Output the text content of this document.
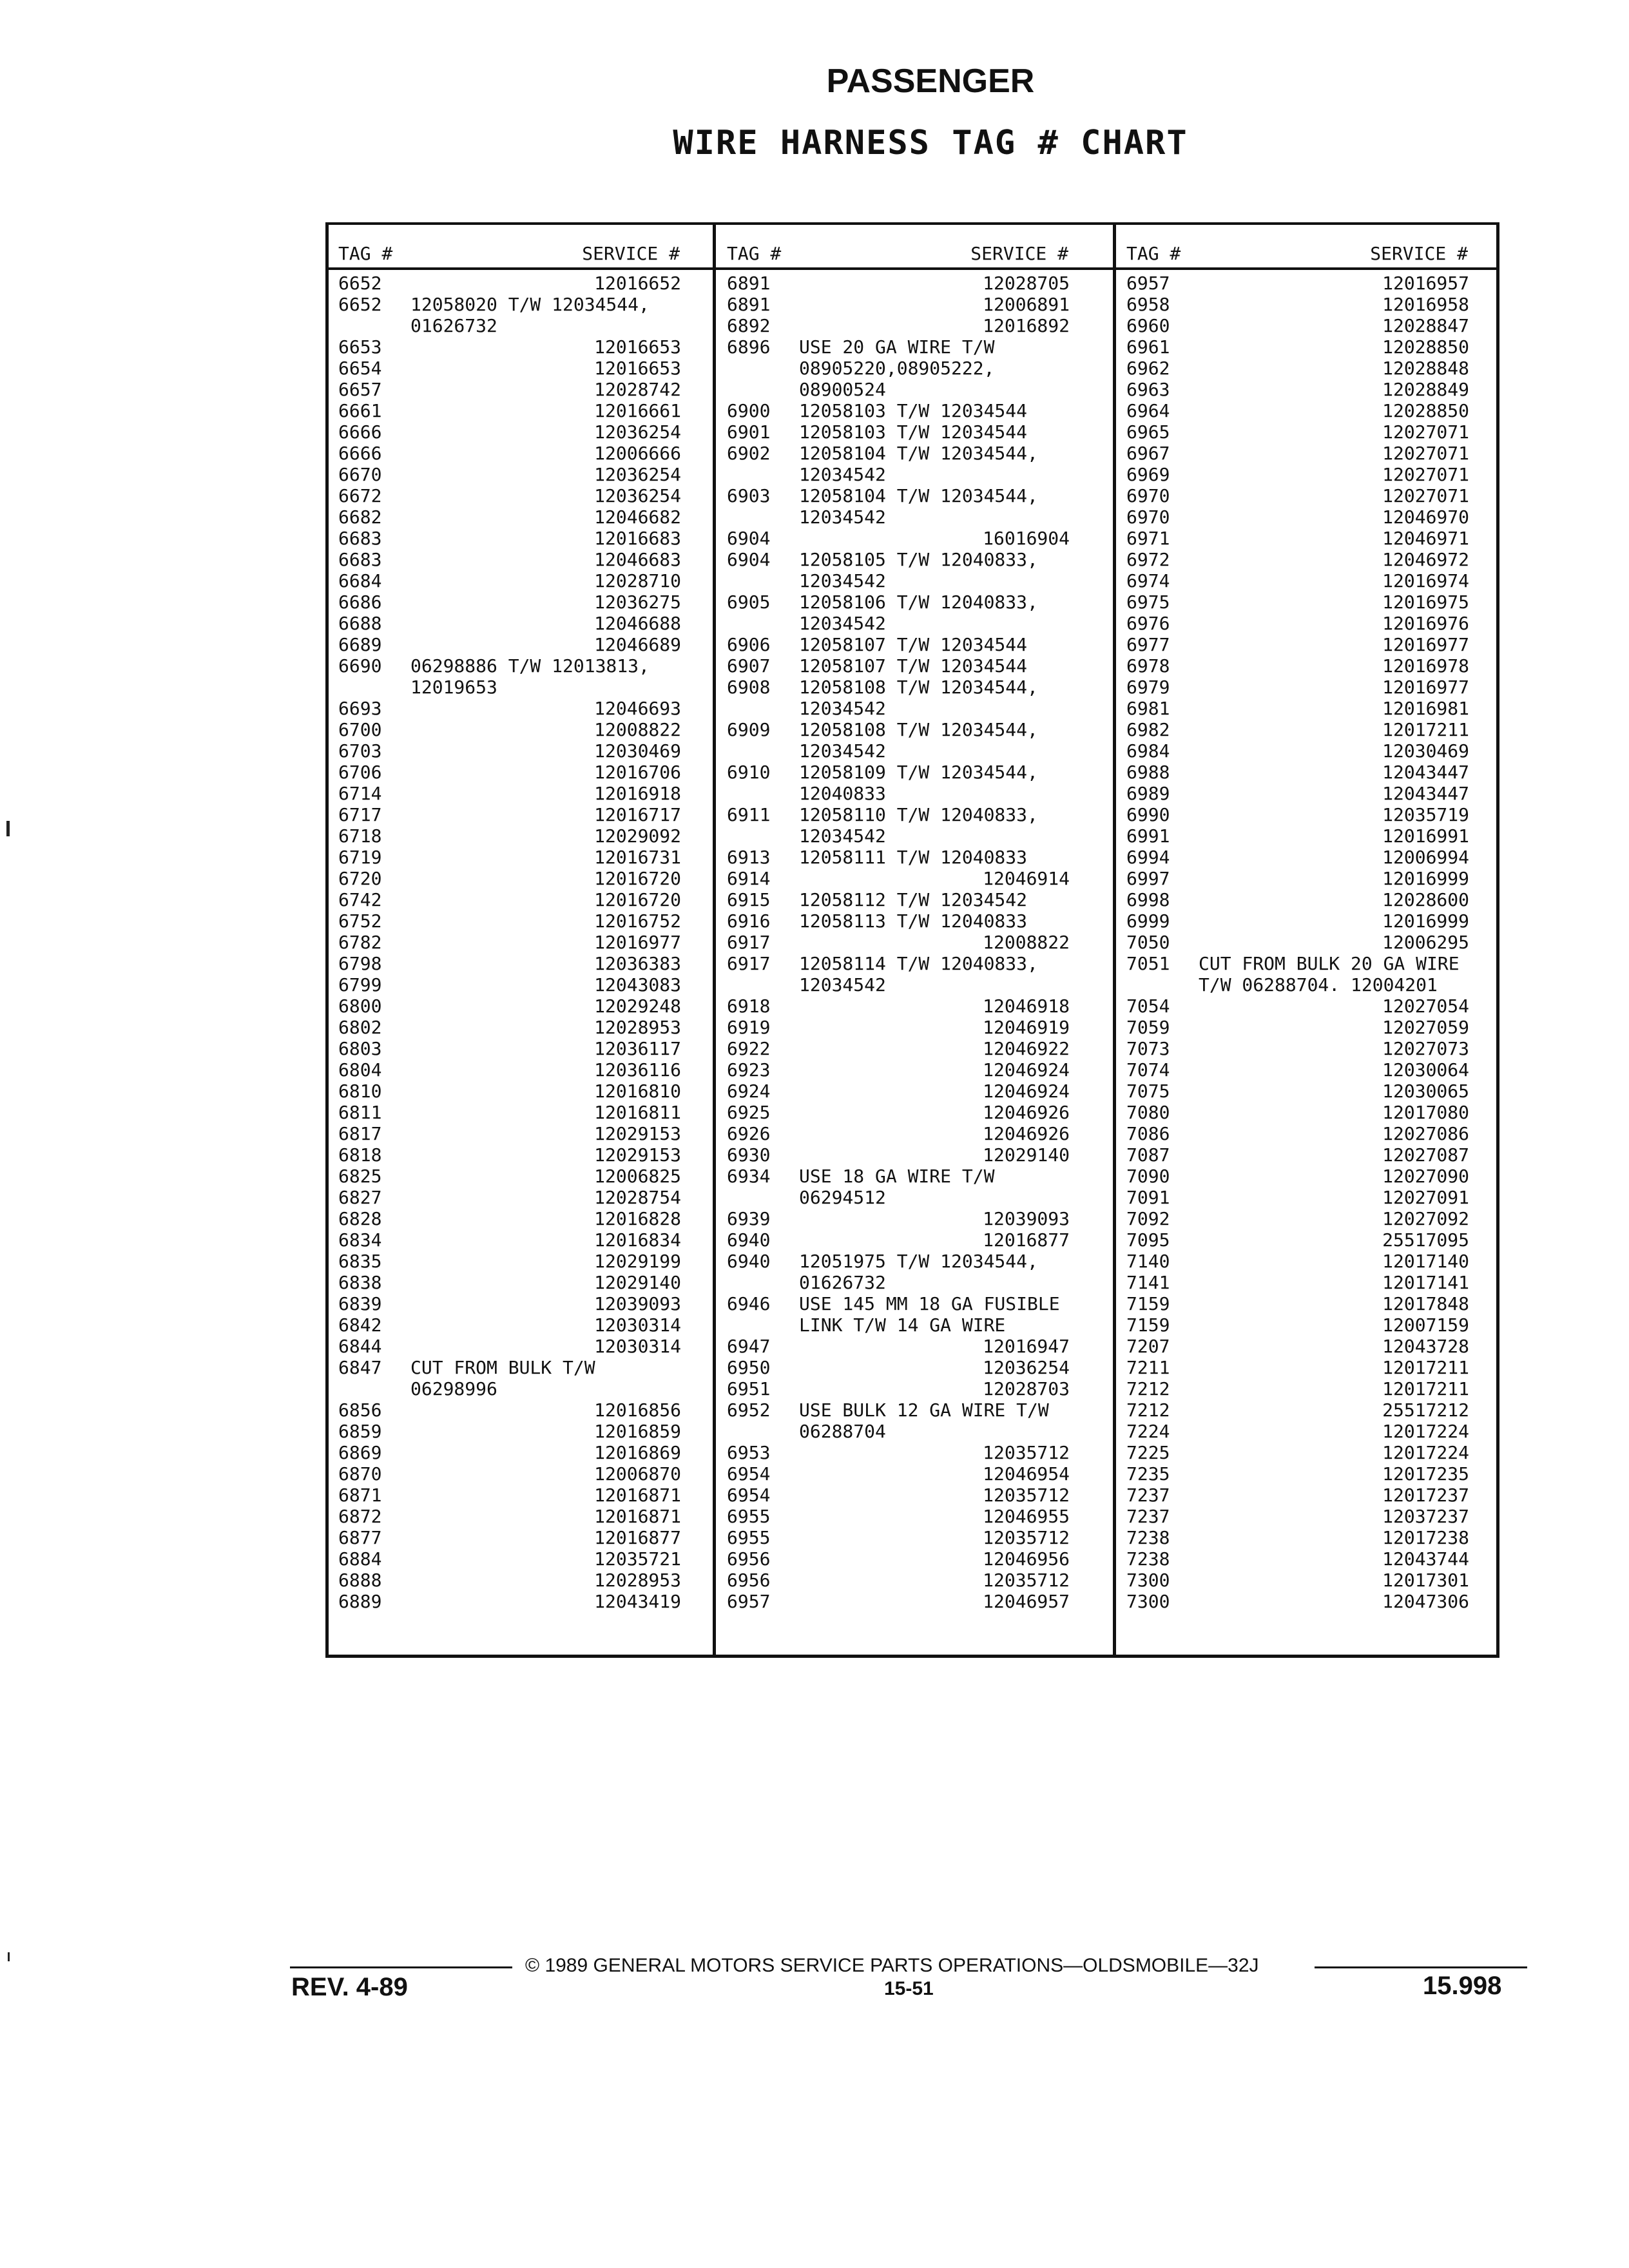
PASSENGER
WIRE HARNESS TAG # CHART
TAG #	SERVICE #
6652	12016652
6652	12058020 T/W 12034544,
01626732
6653	12016653
6654	12016653
6657	12028742
6661	12016661
6666	12036254
6666	12006666
6670	12036254
6672	12036254
6682	12046682
6683	12016683
6683	12046683
6684	12028710
6686	12036275
6688	12046688
6689	12046689
6690	06298886 T/W 12013813,
12019653
6693	12046693
6700	12008822
6703	12030469
6706	12016706
6714	12016918
6717	12016717
6718	12029092
6719	12016731
6720	12016720
6742	12016720
6752	12016752
6782	12016977
6798	12036383
6799	12043083
6800	12029248
6802	12028953
6803	12036117
6804	12036116
6810	12016810
6811	12016811
6817	12029153
6818	12029153
6825	12006825
6827	12028754
6828	12016828
6834	12016834
6835	12029199
6838	12029140
6839	12039093
6842	12030314
6844	12030314
6847	CUT FROM BULK T/W
06298996
6856	12016856
6859	12016859
6869	12016869
6870	12006870
6871	12016871
6872	12016871
6877	12016877
6884	12035721
6888	12028953
6889	12043419
TAG #	SERVICE #
6891	12028705
6891	12006891
6892	12016892
6896	USE 20 GA WIRE T/W
08905220,08905222,
08900524
6900	12058103 T/W 12034544
6901	12058103 T/W 12034544
6902	12058104 T/W 12034544,
12034542
6903	12058104 T/W 12034544,
12034542
6904	16016904
6904	12058105 T/W 12040833,
12034542
6905	12058106 T/W 12040833,
12034542
6906	12058107 T/W 12034544
6907	12058107 T/W 12034544
6908	12058108 T/W 12034544,
12034542
6909	12058108 T/W 12034544,
12034542
6910	12058109 T/W 12034544,
12040833
6911	12058110 T/W 12040833,
12034542
6913	12058111 T/W 12040833
6914	12046914
6915	12058112 T/W 12034542
6916	12058113 T/W 12040833
6917	12008822
6917	12058114 T/W 12040833,
12034542
6918	12046918
6919	12046919
6922	12046922
6923	12046924
6924	12046924
6925	12046926
6926	12046926
6930	12029140
6934	USE 18 GA WIRE T/W
06294512
6939	12039093
6940	12016877
6940	12051975 T/W 12034544,
01626732
6946	USE 145 MM 18 GA FUSIBLE
LINK T/W 14 GA WIRE
6947	12016947
6950	12036254
6951	12028703
6952	USE BULK 12 GA WIRE T/W
06288704
6953	12035712
6954	12046954
6954	12035712
6955	12046955
6955	12035712
6956	12046956
6956	12035712
6957	12046957
TAG #	SERVICE #
6957	12016957
6958	12016958
6960	12028847
6961	12028850
6962	12028848
6963	12028849
6964	12028850
6965	12027071
6967	12027071
6969	12027071
6970	12027071
6970	12046970
6971	12046971
6972	12046972
6974	12016974
6975	12016975
6976	12016976
6977	12016977
6978	12016978
6979	12016977
6981	12016981
6982	12017211
6984	12030469
6988	12043447
6989	12043447
6990	12035719
6991	12016991
6994	12006994
6997	12016999
6998	12028600
6999	12016999
7050	12006295
7051	CUT FROM BULK 20 GA WIRE
T/W 06288704. 12004201
7054	12027054
7059	12027059
7073	12027073
7074	12030064
7075	12030065
7080	12017080
7086	12027086
7087	12027087
7090	12027090
7091	12027091
7092	12027092
7095	25517095
7140	12017140
7141	12017141
7159	12017848
7159	12007159
7207	12043728
7211	12017211
7212	12017211
7212	25517212
7224	12017224
7225	12017224
7235	12017235
7237	12017237
7237	12037237
7238	12017238
7238	12043744
7300	12017301
7300	12047306
© 1989 GENERAL MOTORS SERVICE PARTS OPERATIONS—OLDSMOBILE—32J
REV. 4-89	15-51	15.998
